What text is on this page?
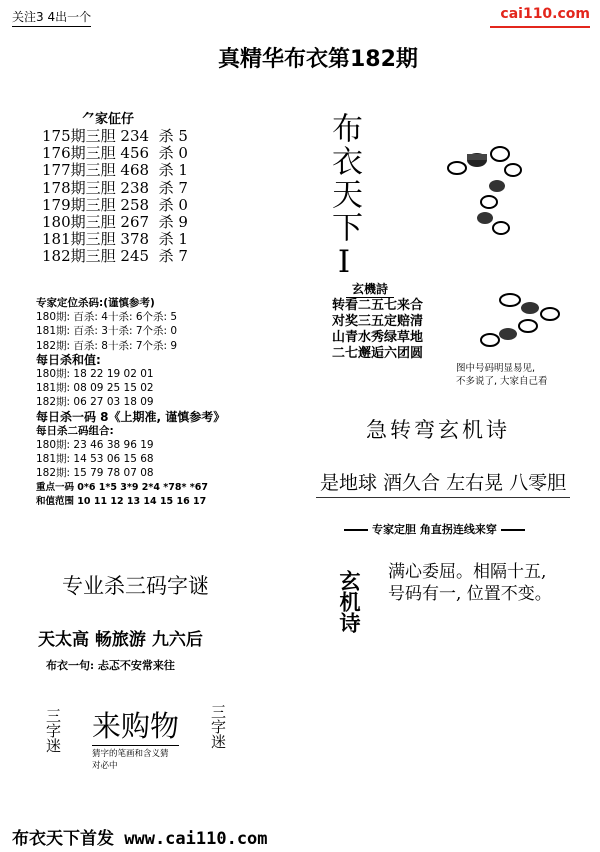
关注3 4出一个	cai110.com
真精华布衣第182期
⺈家佂仔
175期三胆 234  杀 5
176期三胆 456  杀 0
177期三胆 468  杀 1
178期三胆 238  杀 7
179期三胆 258  杀 0
180期三胆 267  杀 9
181期三胆 378  杀 1
182期三胆 245  杀 7
专家定位杀码:(谨慎参考)
180期: 百杀: 4十杀: 6个杀: 5
181期: 百杀: 3十杀: 7个杀: 0
182期: 百杀: 8十杀: 7个杀: 9
每日杀和值:
180期: 18 22 19 02 01
181期: 08 09 25 15 02
182期: 06 27 03 18 09
每日杀一码 8《上期准, 谨慎参考》
每日杀二码组合:
180期: 23 46 38 96 19
181期: 14 53 06 15 68
182期: 15 79 78 07 08
重点一码 0*6 1*5 3*9 2*4 *78* *67
和值范围 10 11 12 13 14 15 16 17
专业杀三码字谜
天太高 畅旅游 九六后
布衣一句: 忐忑不安常来往
三字迷 来购物
猜字的笔画和含义猜
对必中
三字迷
布衣天下I
玄機詩
转看二五七来合
对奖三五定赔清
山青水秀绿草地
二七邂逅六团圆
图中号码明显易见,
不多说了, 大家自己看
急转弯玄机诗
是地球 酒久合 左右晃 八零胆
专家定胆 角直拐连线来穿
玄机诗 满心委屈。相隔十五,
号码有一, 位置不变。
布衣天下首发 www.cai110.com
